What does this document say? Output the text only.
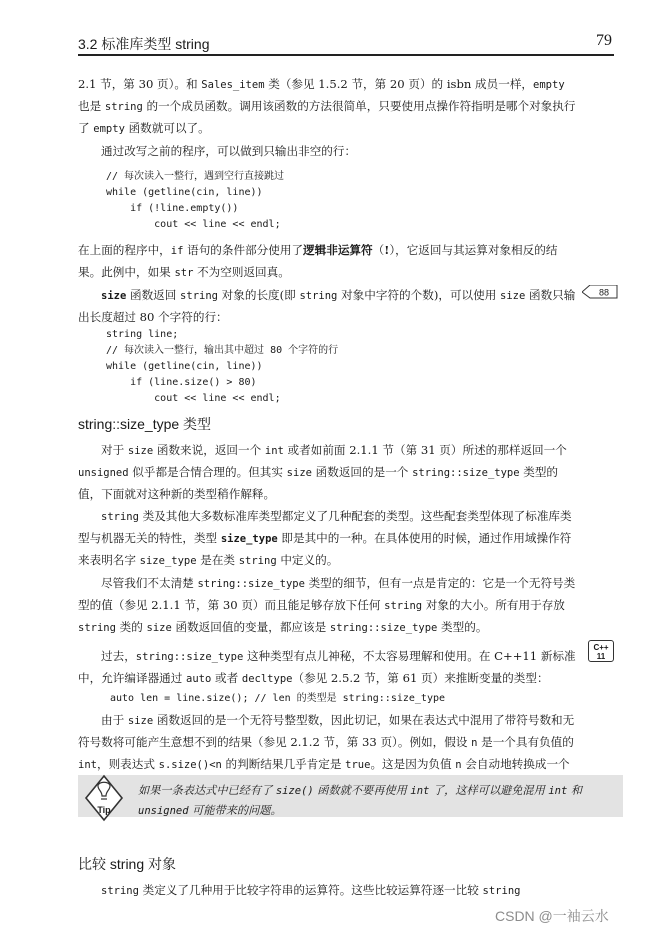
3.2 标准库类型 string	79
2.1 节，第 30 页）。和 Sales_item 类（参见 1.5.2 节，第 20 页）的 isbn 成员一样，empty 也是 string 的一个成员函数。调用该函数的方法很简单，只要使用点操作符指明是哪个对象执行了 empty 函数就可以了。
通过改写之前的程序，可以做到只输出非空的行：
// 每次读入一整行，遇到空行直接跳过
while (getline(cin, line))
if (!line.empty())
cout << line << endl;
在上面的程序中，if 语句的条件部分使用了逻辑非运算符（!），它返回与其运算对象相反的结果。此例中，如果 str 不为空则返回真。
size 函数返回 string 对象的长度(即 string 对象中字符的个数)，可以使用 size 函数只输出长度超过 80 个字符的行：
88
string line;
// 每次读入一整行，输出其中超过 80 个字符的行
while (getline(cin, line))
if (line.size() > 80)
cout << line << endl;
string::size_type 类型
对于 size 函数来说，返回一个 int 或者如前面 2.1.1 节（第 31 页）所述的那样返回一个 unsigned 似乎都是合情合理的。但其实 size 函数返回的是一个 string::size_type 类型的值，下面就对这种新的类型稍作解释。
string 类及其他大多数标准库类型都定义了几种配套的类型。这些配套类型体现了标准库类型与机器无关的特性，类型 size_type 即是其中的一种。在具体使用的时候，通过作用域操作符来表明名字 size_type 是在类 string 中定义的。
尽管我们不太清楚 string::size_type 类型的细节，但有一点是肯定的：它是一个无符号类型的值（参见 2.1.1 节，第 30 页）而且能足够存放下任何 string 对象的大小。所有用于存放 string 类的 size 函数返回值的变量，都应该是 string::size_type 类型的。
过去，string::size_type 这种类型有点儿神秘，不太容易理解和使用。在 C++11 新标准中，允许编译器通过 auto 或者 decltype（参见 2.5.2 节，第 61 页）来推断变量的类型：
C++
11
auto len = line.size(); // len 的类型是 string::size_type
由于 size 函数返回的是一个无符号整型数，因此切记，如果在表达式中混用了带符号数和无符号数将可能产生意想不到的结果（参见 2.1.2 节，第 33 页）。例如，假设 n 是一个具有负值的 int，则表达式 s.size()<n 的判断结果几乎肯定是 true。这是因为负值 n 会自动地转换成一个
Tip
如果一条表达式中已经有了 size() 函数就不要再使用 int 了，这样可以避免混用 int 和 unsigned 可能带来的问题。
比较 string 对象
string 类定义了几种用于比较字符串的运算符。这些比较运算符逐一比较 string
CSDN @一袖云水
